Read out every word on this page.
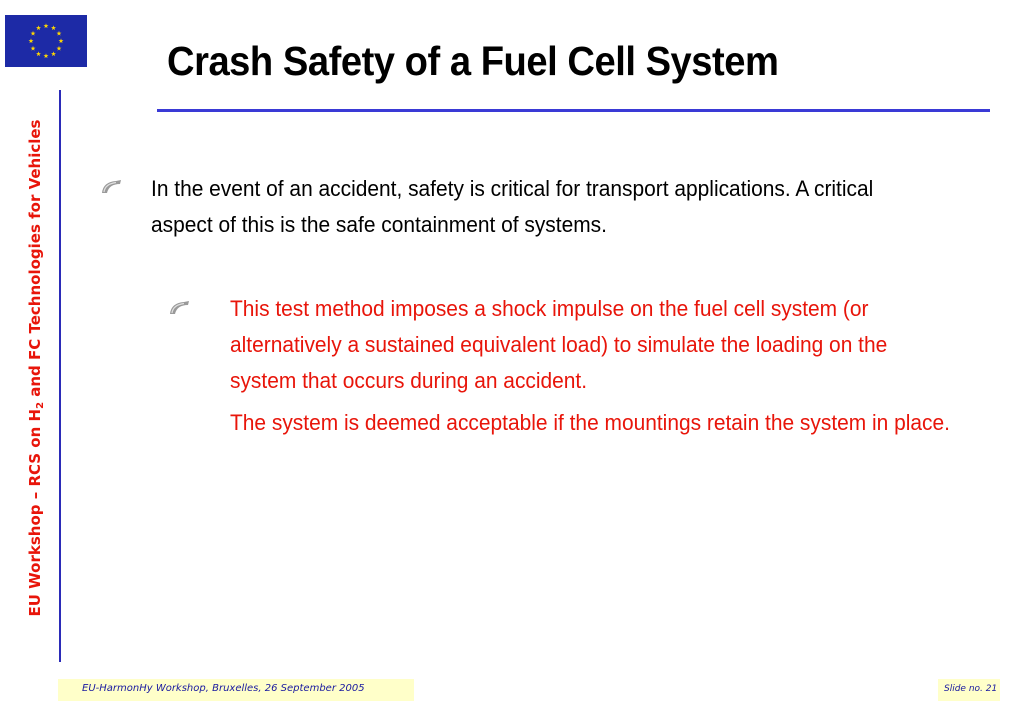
Crash Safety of a Fuel Cell System
EU Workshop – RCS on $H_2$ and FC Technologies for Vehicles	In the event of an accident, safety is critical for transport applications. A critical aspect of this is the safe containment of systems.

This test method imposes a shock impulse on the fuel cell system (or alternatively a sustained equivalent load) to simulate the loading on the system that occurs during an accident.

The system is deemed acceptable if the mountings retain the system in place.

EU-HarmonHy Workshop, Bruxelles, 26 September 2005	Slide no. 21
